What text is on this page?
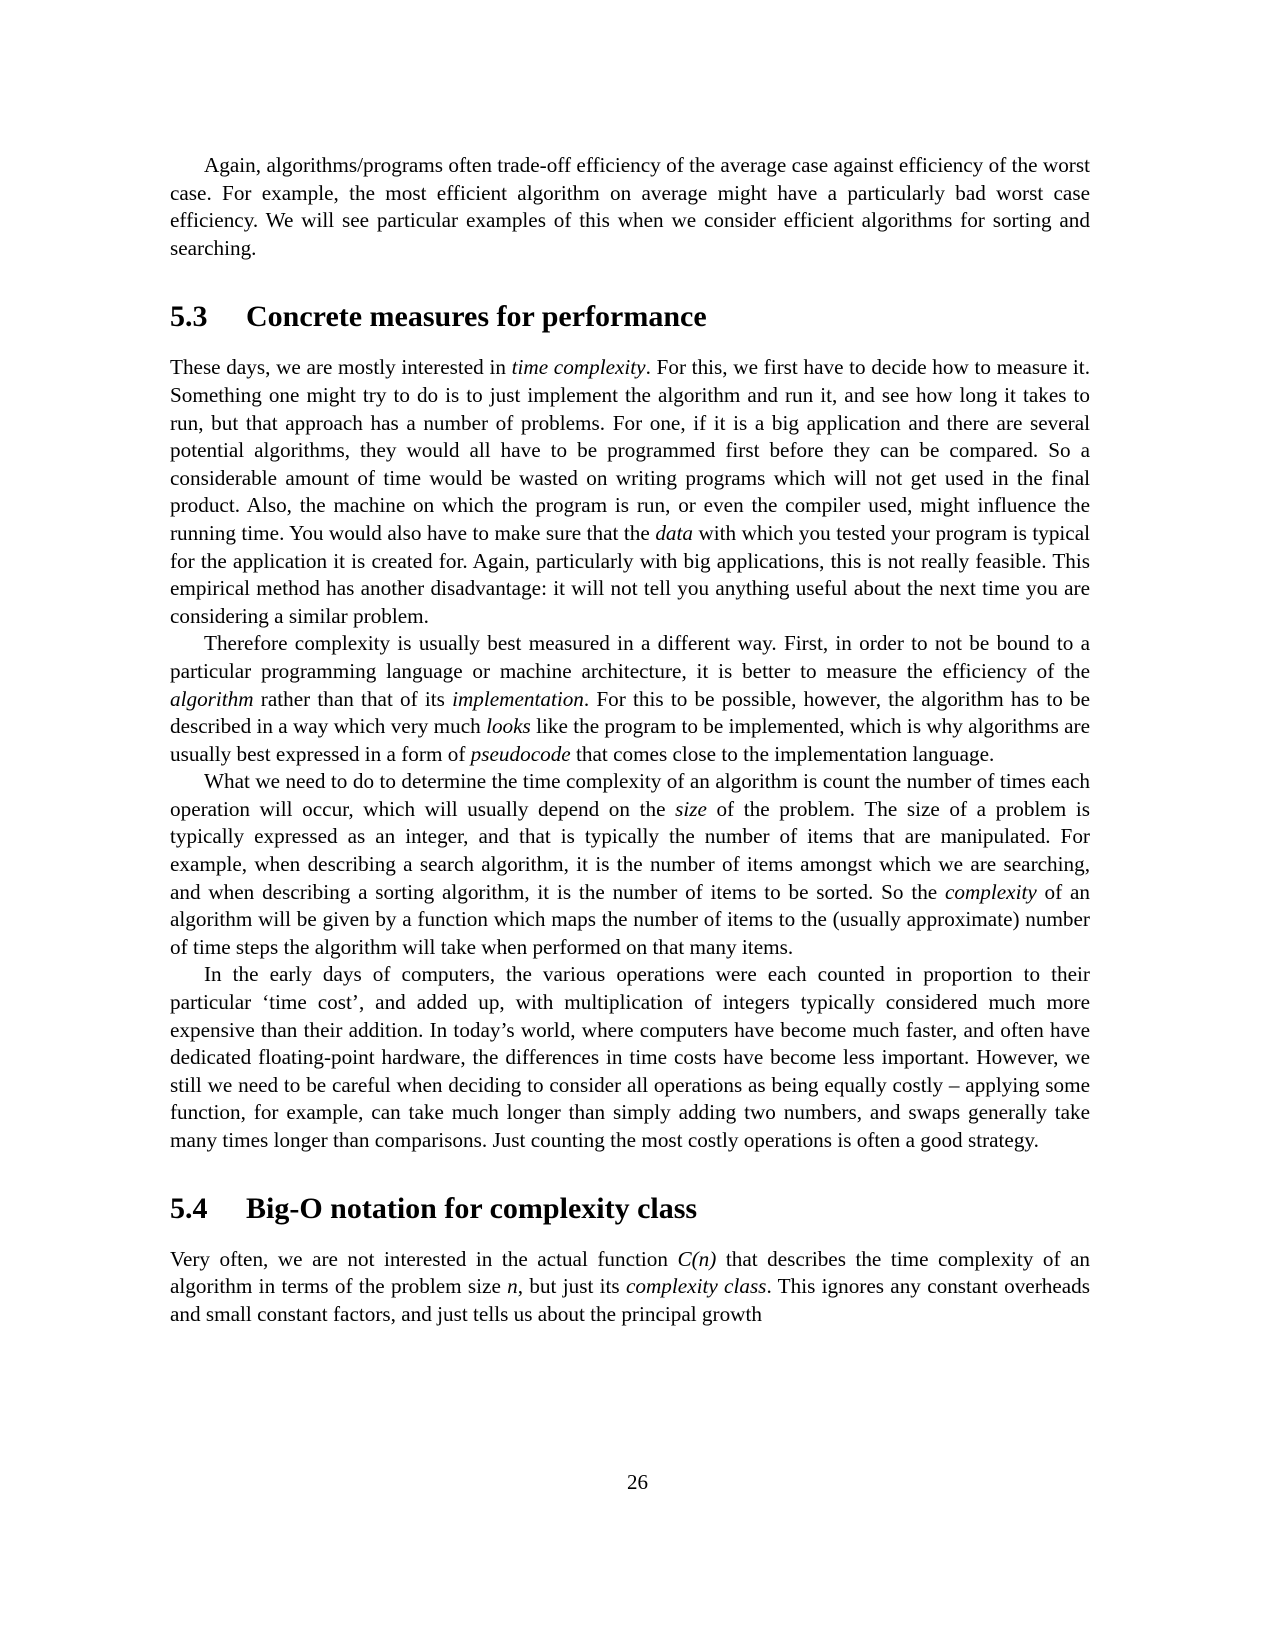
Again, algorithms/programs often trade-off efficiency of the average case against efficiency of the worst case. For example, the most efficient algorithm on average might have a particularly bad worst case efficiency. We will see particular examples of this when we consider efficient algorithms for sorting and searching.

5.3	Concrete measures for performance

These days, we are mostly interested in time complexity. For this, we first have to decide how to measure it. Something one might try to do is to just implement the algorithm and run it, and see how long it takes to run, but that approach has a number of problems. For one, if it is a big application and there are several potential algorithms, they would all have to be programmed first before they can be compared. So a considerable amount of time would be wasted on writing programs which will not get used in the final product. Also, the machine on which the program is run, or even the compiler used, might influence the running time. You would also have to make sure that the data with which you tested your program is typical for the application it is created for. Again, particularly with big applications, this is not really feasible. This empirical method has another disadvantage: it will not tell you anything useful about the next time you are considering a similar problem.

Therefore complexity is usually best measured in a different way. First, in order to not be bound to a particular programming language or machine architecture, it is better to measure the efficiency of the algorithm rather than that of its implementation. For this to be possible, however, the algorithm has to be described in a way which very much looks like the program to be implemented, which is why algorithms are usually best expressed in a form of pseudocode that comes close to the implementation language.

What we need to do to determine the time complexity of an algorithm is count the number of times each operation will occur, which will usually depend on the size of the problem. The size of a problem is typically expressed as an integer, and that is typically the number of items that are manipulated. For example, when describing a search algorithm, it is the number of items amongst which we are searching, and when describing a sorting algorithm, it is the number of items to be sorted. So the complexity of an algorithm will be given by a function which maps the number of items to the (usually approximate) number of time steps the algorithm will take when performed on that many items.

In the early days of computers, the various operations were each counted in proportion to their particular ‘time cost’, and added up, with multiplication of integers typically considered much more expensive than their addition. In today’s world, where computers have become much faster, and often have dedicated floating-point hardware, the differences in time costs have become less important. However, we still we need to be careful when deciding to consider all operations as being equally costly – applying some function, for example, can take much longer than simply adding two numbers, and swaps generally take many times longer than comparisons. Just counting the most costly operations is often a good strategy.

5.4	Big-O notation for complexity class

Very often, we are not interested in the actual function C(n) that describes the time complexity of an algorithm in terms of the problem size n, but just its complexity class. This ignores any constant overheads and small constant factors, and just tells us about the principal growth

26
